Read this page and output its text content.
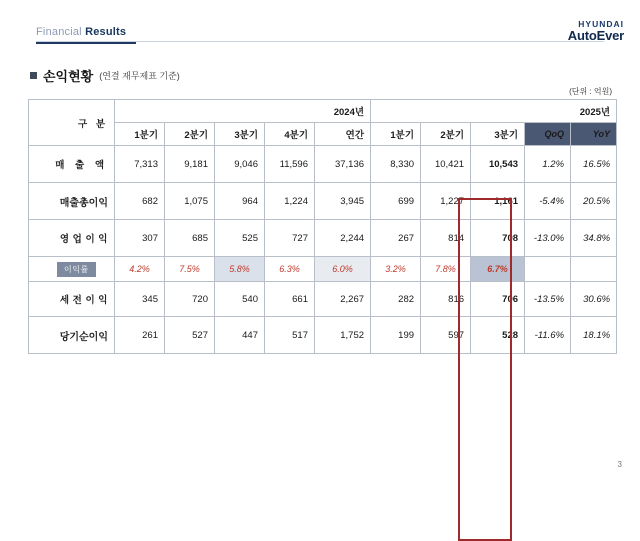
Financial Results
HYUNDAI
AutoEver
손익현황 (연결 재무제표 기준)
(단위 : 억원)
구 분	2024년					2025년				
	1분기	2분기	3분기	4분기	연간	1분기	2분기	3분기	QoQ	YoY
매 출 액	7,313	9,181	9,046	11,596	37,136	8,330	10,421	10,543	1.2%	16.5%
매출총이익	682	1,075	964	1,224	3,945	699	1,227	1,161	-5.4%	20.5%
영 업 이 익	307	685	525	727	2,244	267	814	708	-13.0%	34.8%
이익률	4.2%	7.5%	5.8%	6.3%	6.0%	3.2%	7.8%	6.7%		
세 전 이 익	345	720	540	661	2,267	282	816	706	-13.5%	30.6%
당기순이익	261	527	447	517	1,752	199	597	528	-11.6%	18.1%
3
